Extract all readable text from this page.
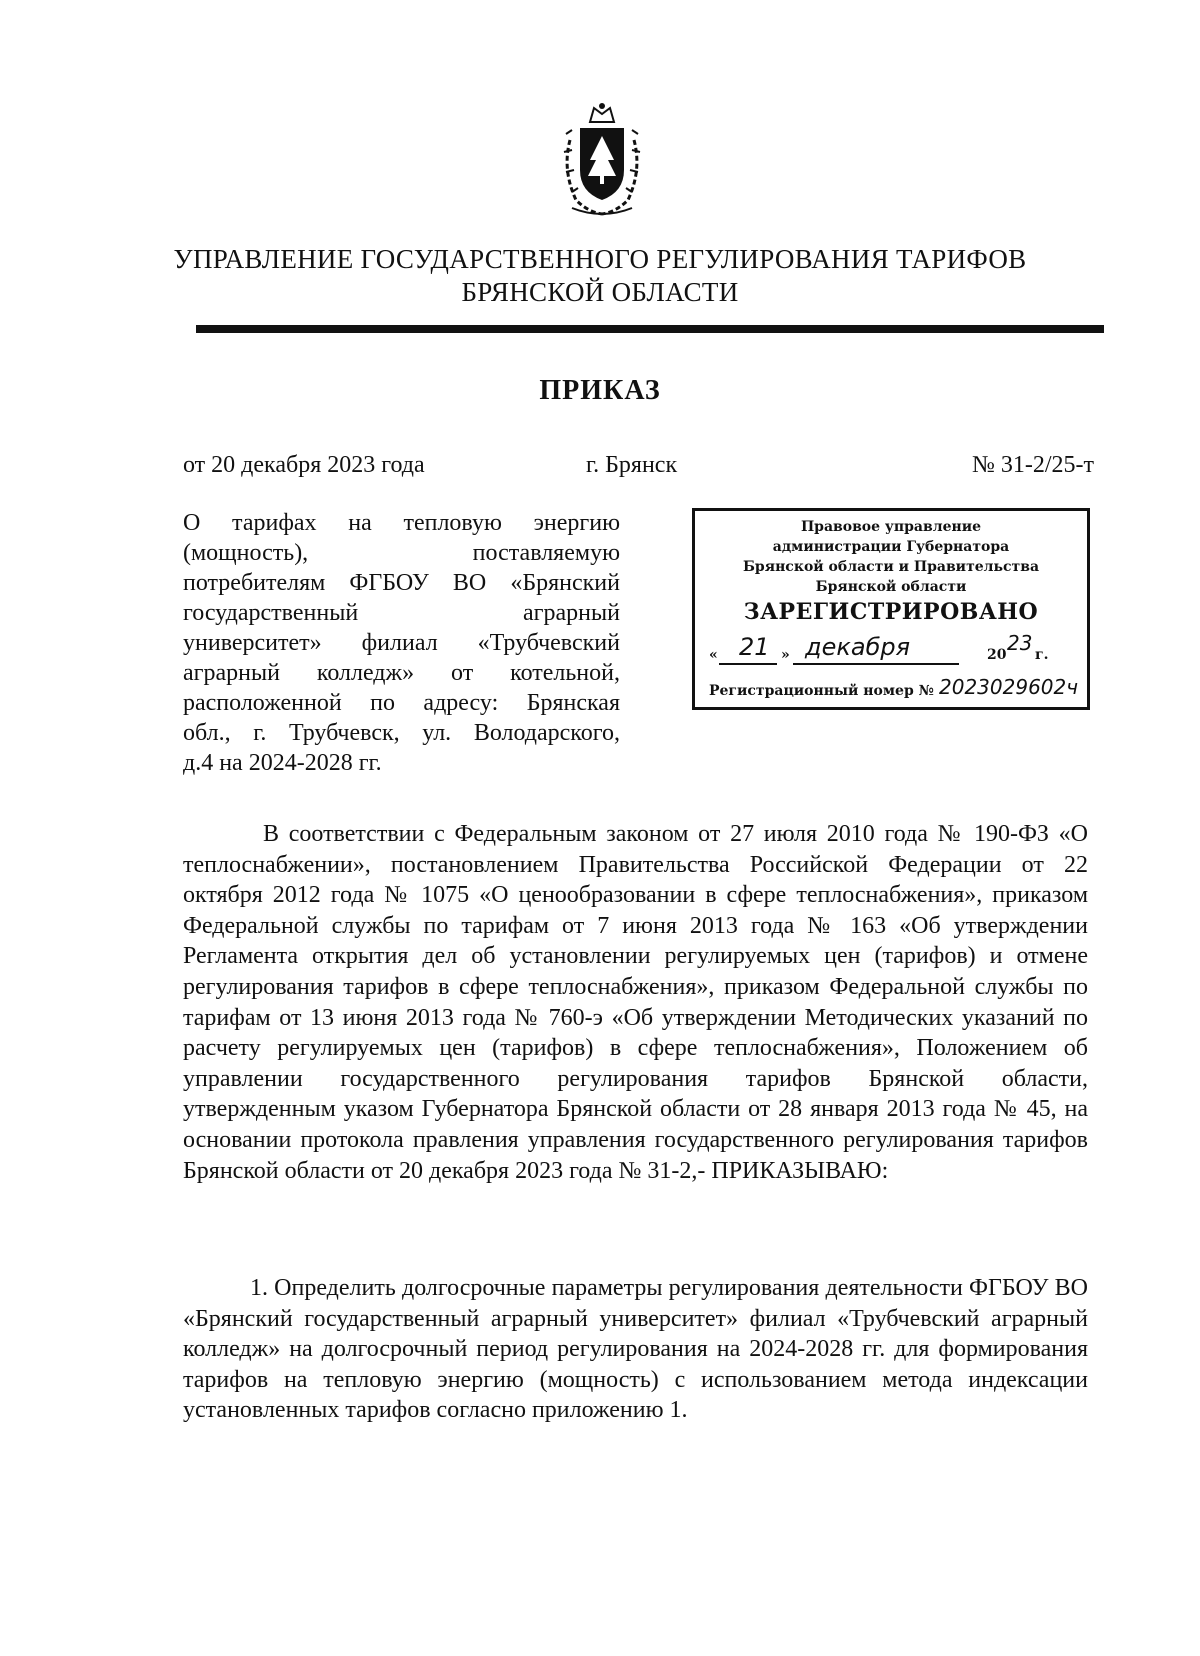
УПРАВЛЕНИЕ ГОСУДАРСТВЕННОГО РЕГУЛИРОВАНИЯ ТАРИФОВ
БРЯНСКОЙ ОБЛАСТИ
ПРИКАЗ
от 20 декабря 2023 года	г. Брянск	№ 31-2/25-т
О тарифах на тепловую энергию
(мощность), поставляемую
потребителям ФГБОУ ВО «Брянский
государственный аграрный
университет» филиал «Трубчевский
аграрный колледж» от котельной,
расположенной по адресу: Брянская
обл., г. Трубчевск, ул. Володарского,
д.4 на 2024-2028 гг.
Правовое управление
администрации Губернатора
Брянской области и Правительства
Брянской области
ЗАРЕГИСТРИРОВАНО
« 21 » декабря	20 23 г.
Регистрационный номер № 2023029602ч

В соответствии с Федеральным законом от 27 июля 2010 года № 190-ФЗ «О теплоснабжении», постановлением Правительства Российской Федерации от 22 октября 2012 года № 1075 «О ценообразовании в сфере теплоснабжения», приказом Федеральной службы по тарифам от 7 июня 2013 года № 163 «Об утверждении Регламента открытия дел об установлении регулируемых цен (тарифов) и отмене регулирования тарифов в сфере теплоснабжения», приказом Федеральной службы по тарифам от 13 июня 2013 года № 760-э «Об утверждении Методических указаний по расчету регулируемых цен (тарифов) в сфере теплоснабжения», Положением об управлении государственного регулирования тарифов Брянской области, утвержденным указом Губернатора Брянской области от 28 января 2013 года № 45, на основании протокола правления управления государственного регулирования тарифов Брянской области от 20 декабря 2023 года № 31-2,- ПРИКАЗЫВАЮ:

1. Определить долгосрочные параметры регулирования деятельности ФГБОУ ВО «Брянский государственный аграрный университет» филиал «Трубчевский аграрный колледж» на долгосрочный период регулирования на 2024-2028 гг. для формирования тарифов на тепловую энергию (мощность) с использованием метода индексации установленных тарифов согласно приложению 1.
